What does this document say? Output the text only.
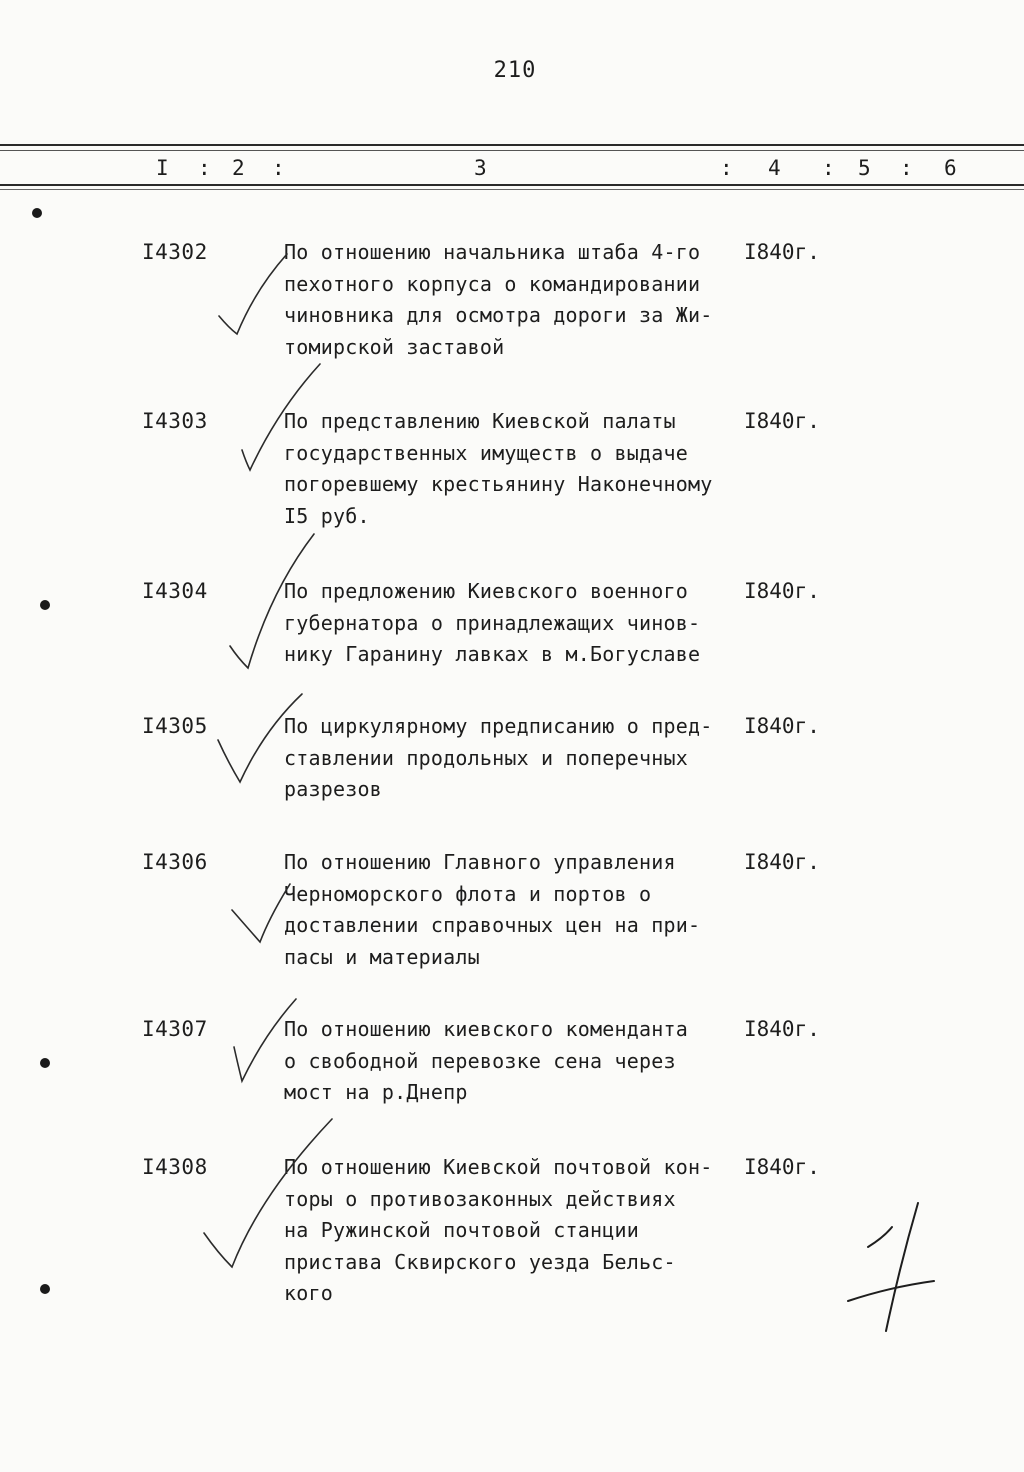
210
I : 2 :	3	: 4 : 5 : 6
I4302	По отношению начальника штаба 4-го
пехотного корпуса о командировании
чиновника для осмотра дороги за Жи-
томирской заставой
I840г.
I4303	По представлению Киевской палаты
государственных имуществ о выдаче
погоревшему крестьянину Наконечному
I5 руб.
I840г.
I4304	По предложению Киевского военного
губернатора о принадлежащих чинов-
нику Гаранину лавках в м.Богуславе
I840г.
I4305	По циркулярному предписанию о пред-
ставлении продольных и поперечных
разрезов
I840г.
I4306	По отношению Главного управления
Черноморского флота и портов о
доставлении справочных цен на при-
пасы и материалы
I840г.
I4307	По отношению киевского коменданта
о свободной перевозке сена через
мост на р.Днепр
I840г.
I4308	По отношению Киевской почтовой кон-
торы о противозаконных действиях
на Ружинской почтовой станции
пристава Сквирского уезда Бельс-
кого
I840г.
